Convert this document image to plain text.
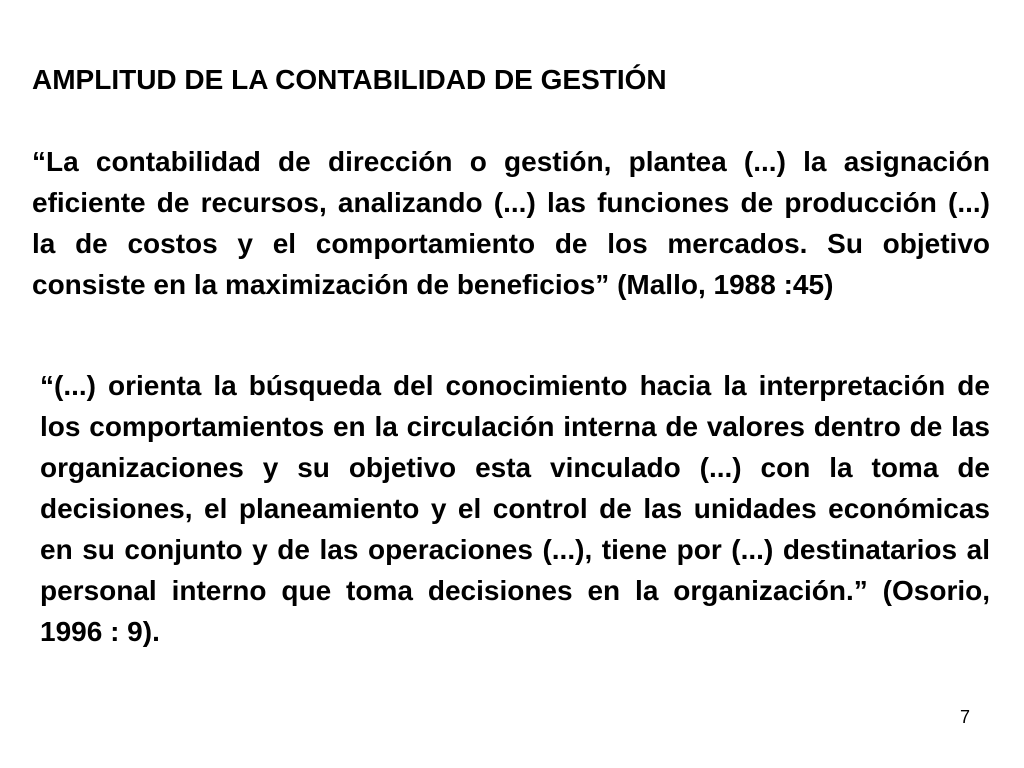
AMPLITUD DE LA CONTABILIDAD DE GESTIÓN

“La contabilidad de dirección o gestión, plantea (...) la asignación eficiente de recursos, analizando (...) las funciones de producción (...) la de costos y el comportamiento de los mercados. Su objetivo consiste en la maximización de beneficios” (Mallo, 1988 :45)

“(...) orienta la búsqueda del conocimiento hacia la interpretación de los comportamientos en la circulación interna de valores dentro de las organizaciones y su objetivo esta vinculado (...) con la toma de decisiones, el planeamiento y el control de las unidades económicas en su conjunto y de las operaciones (...), tiene por (...) destinatarios al personal interno que toma decisiones en la organización.” (Osorio, 1996 : 9).

7
